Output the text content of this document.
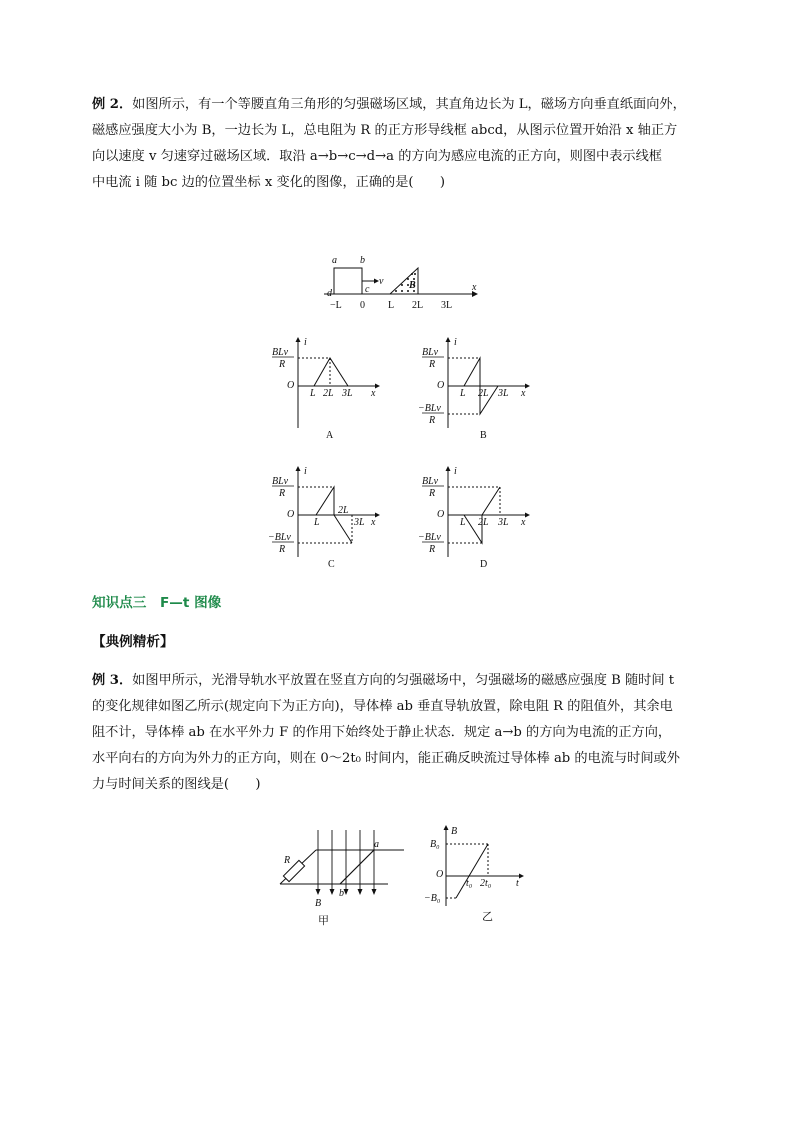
例 2．如图所示，有一个等腰直角三角形的匀强磁场区域，其直角边长为 L，磁场方向垂直纸面向外，
磁感应强度大小为 B，一边长为 L，总电阻为 R 的正方形导线框 abcd，从图示位置开始沿 x 轴正方
向以速度 v 匀速穿过磁场区域．取沿 a→b→c→d→a 的方向为感应电流的正方向，则图中表示线框
中电流 i 随 bc 边的位置坐标 x 变化的图像，正确的是(　　)
a b
c
d
v	B	x
−L 0 L 2L 3L
i
x
O
BLv
R
L 2L 3L
A
i
x
O
BLv
R
−BLv
R
L 2L 3L
B
i
x
O
BLv
R
−BLv
R
L
2L
3L
C
i
x
O
BLv
R
−BLv
R
L 2L 3L
D
知识点三　F—t 图像
【典例精析】
例 3．如图甲所示，光滑导轨水平放置在竖直方向的匀强磁场中，匀强磁场的磁感应强度 B 随时间 t
的变化规律如图乙所示(规定向下为正方向)，导体棒 ab 垂直导轨放置，除电阻 R 的阻值外，其余电
阻不计，导体棒 ab 在水平外力 F 的作用下始终处于静止状态．规定 a→b 的方向为电流的正方向，
水平向右的方向为外力的正方向，则在 0～2t₀ 时间内，能正确反映流过导体棒 ab 的电流与时间或外
力与时间关系的图线是(　　)
R
a
b
B
甲
B
t
O
B₀
−B₀
t₀ 2t₀
乙
